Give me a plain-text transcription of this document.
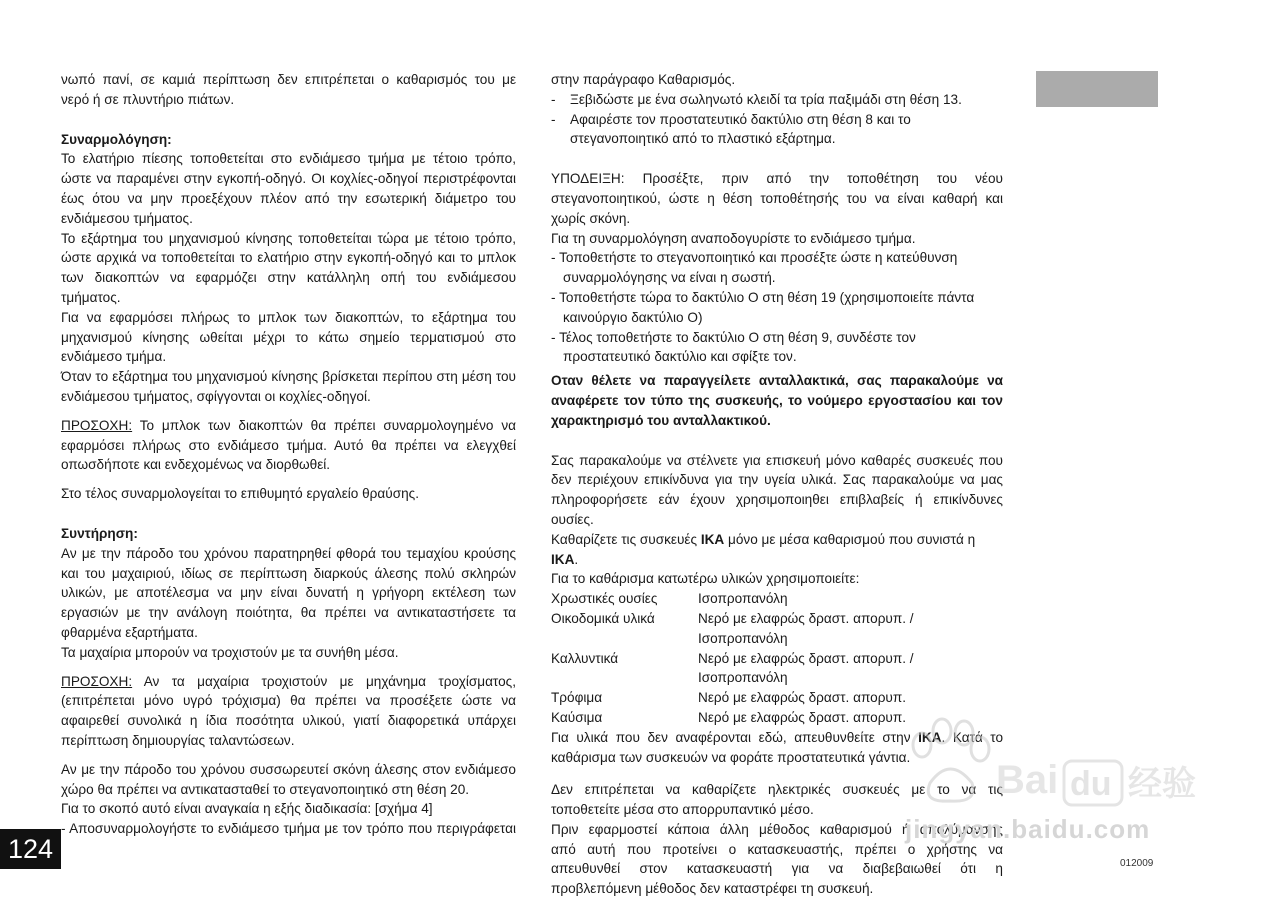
νωπό πανί, σε καμιά περίπτωση δεν επιτρέπεται ο καθαρισμός του με

νερό ή σε πλυντήριο πιάτων.

Συναρμολόγηση:

Το ελατήριο πίεσης τοποθετείται στο ενδιάμεσο τμήμα με τέτοιο τρόπο,

ώστε να παραμένει στην εγκοπή-οδηγό. Οι κοχλίες-οδηγοί περιστρέφονται

έως ότου να μην προεξέχουν πλέον από την εσωτερική διάμετρο του

ενδιάμεσου τμήματος.

Το εξάρτημα του μηχανισμού κίνησης τοποθετείται τώρα με τέτοιο τρόπο,

ώστε αρχικά να τοποθετείται το ελατήριο στην εγκοπή-οδηγό και το μπλοκ

των διακοπτών να εφαρμόζει στην κατάλληλη οπή του ενδιάμεσου

τμήματος.

Για να εφαρμόσει πλήρως το μπλοκ των διακοπτών, το εξάρτημα του

μηχανισμού κίνησης ωθείται μέχρι το κάτω σημείο τερματισμού στο

ενδιάμεσο τμήμα.

Όταν το εξάρτημα του μηχανισμού κίνησης βρίσκεται περίπου στη μέση του

ενδιάμεσου τμήματος, σφίγγονται οι κοχλίες-οδηγοί.

ΠΡΟΣΟΧΗ: Το μπλοκ των διακοπτών θα πρέπει συναρμολογημένο να

εφαρμόσει πλήρως στο ενδιάμεσο τμήμα. Αυτό θα πρέπει να ελεγχθεί

οπωσδήποτε και ενδεχομένως να διορθωθεί.

Στο τέλος συναρμολογείται το επιθυμητό εργαλείο θραύσης.

Συντήρηση:

Αν με την πάροδο του χρόνου παρατηρηθεί φθορά του τεμαχίου κρούσης

και του μαχαιριού, ιδίως σε περίπτωση διαρκούς άλεσης πολύ σκληρών

υλικών, με αποτέλεσμα να μην είναι δυνατή η γρήγορη εκτέλεση των

εργασιών με την ανάλογη ποιότητα, θα πρέπει να αντικαταστήσετε τα

φθαρμένα εξαρτήματα.

Τα μαχαίρια μπορούν να τροχιστούν με τα συνήθη μέσα.

ΠΡΟΣΟΧΗ: Αν τα μαχαίρια τροχιστούν με μηχάνημα τροχίσματος,

(επιτρέπεται μόνο υγρό τρόχισμα) θα πρέπει να προσέξετε ώστε να

αφαιρεθεί συνολικά η ίδια ποσότητα υλικού, γιατί διαφορετικά υπάρχει

περίπτωση δημιουργίας ταλαντώσεων.

Αν με την πάροδο του χρόνου συσσωρευτεί σκόνη άλεσης στον ενδιάμεσο

χώρο θα πρέπει να αντικατασταθεί το στεγανοποιητικό στη θέση 20.

Για το σκοπό αυτό είναι αναγκαία η εξής διαδικασία: [σχήμα 4]

- Αποσυναρμολογήστε το ενδιάμεσο τμήμα με τον τρόπο που περιγράφεται

στην παράγραφο Καθαρισμός.

- Ξεβιδώστε με ένα σωληνωτό κλειδί τα τρία παξιμάδι στη θέση 13.

- Αφαιρέστε τον προστατευτικό δακτύλιο στη θέση 8 και το

στεγανοποιητικό από το πλαστικό εξάρτημα.

ΥΠΟΔΕΙΞΗ: Προσέξτε, πριν από την τοποθέτηση του νέου

στεγανοποιητικού, ώστε η θέση τοποθέτησής του να είναι καθαρή και

χωρίς σκόνη.

Για τη συναρμολόγηση αναποδογυρίστε το ενδιάμεσο τμήμα.

- Τοποθετήστε το στεγανοποιητικό και προσέξτε ώστε η κατεύθυνση

συναρμολόγησης να είναι η σωστή.

- Τοποθετήστε τώρα το δακτύλιο Ο στη θέση 19 (χρησιμοποιείτε πάντα

καινούργιο δακτύλιο Ο)

- Τέλος τοποθετήστε το δακτύλιο Ο στη θέση 9, συνδέστε τον

προστατευτικό δακτύλιο και σφίξτε τον.

Οταν θέλετε να παραγγείλετε ανταλλακτικά, σας παρακαλούμε να

αναφέρετε τον τύπο της συσκευής, το νούμερο εργοστασίου και τον

χαρακτηρισμό του ανταλλακτικού.

Σας παρακαλούμε να στέλνετε για επισκευή μόνο καθαρές συσκευές που

δεν περιέχουν επικίνδυνα για την υγεία υλικά. Σας παρακαλούμε να μας

πληροφορήσετε εάν έχουν χρησιμοποιηθει επιβλαβείς ή επικίνδυνες

ουσίες.

Καθαρίζετε τις συσκευές IKA μόνο με μέσα καθαρισμού που συνιστά η IKA.

Για το καθάρισμα κατωτέρω υλικών χρησιμοποιείτε:

Χρωστικές ουσίες	Ισοπροπανόλη
Οικοδομικά υλικά	Νερό με ελαφρώς δραστ. απορυπ. / Ισοπροπανόλη
Καλλυντικά	Νερό με ελαφρώς δραστ. απορυπ. / Ισοπροπανόλη
Τρόφιμα	Νερό με ελαφρώς δραστ. απορυπ.
Καύσιμα	Νερό με ελαφρώς δραστ. απορυπ.

Για υλικά που δεν αναφέρονται εδώ, απευθυνθείτε στην IKA. Κατά το

καθάρισμα των συσκευών να φοράτε προστατευτικά γάντια.

Δεν επιτρέπεται να καθαρίζετε ηλεκτρικές συσκευές με το να τις

τοποθετείτε μέσα στο απορρυπαντικό μέσο.

Πριν εφαρμοστεί κάποια άλλη μέθοδος καθαρισμού ή απολύμανσης

από αυτή που προτείνει ο κατασκευαστής, πρέπει ο χρήστης να

απευθυνθεί στον κατασκευαστή για να διαβεβαιωθεί ότι η

προβλεπόμενη μέθοδος δεν καταστρέφει τη συσκευή.

124	012009
Bai du 经验
jingyan.baidu.com
